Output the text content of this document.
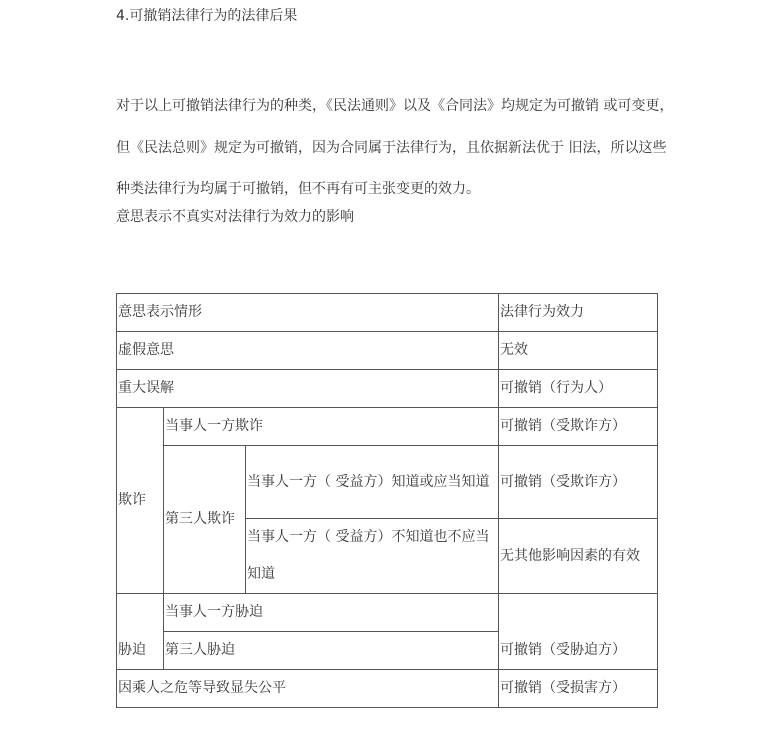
4.可撤销法律行为的法律后果
对于以上可撤销法律行为的种类，《民法通则》以及《合同法》均规定为可撤销 或可变更，但《民法总则》规定为可撤销，因为合同属于法律行为，且依据新法优于 旧法，所以这些种类法律行为均属于可撤销，但不再有可主张变更的效力。
意思表示不真实对法律行为效力的影响
意思表示情形			法律行为效力
虚假意思			无效
重大误解			可撤销（行为人）
欺诈	当事人一方欺诈		可撤销（受欺诈方）
	第三人欺诈	当事人一方（ 受益方）知道或应当知道	可撤销（受欺诈方）
		当事人一方（ 受益方）不知道也不应当知道	无其他影响因素的有效
胁迫	当事人一方胁迫		可撤销（受胁迫方）
	第三人胁迫		
因乘人之危等导致显失公平			可撤销（受损害方）
